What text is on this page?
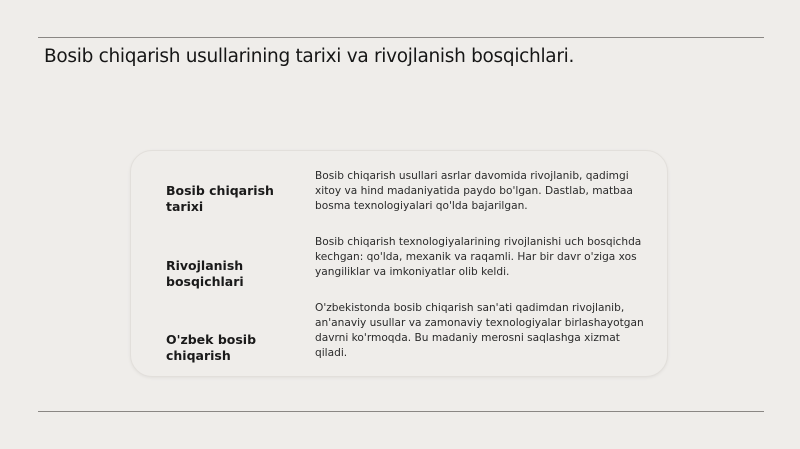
Bosib chiqarish usullarining tarixi va rivojlanish bosqichlari.

Bosib chiqarish tarixi

Bosib chiqarish usullari asrlar davomida rivojlanib, qadimgi xitoy va hind madaniyatida paydo bo'lgan. Dastlab, matbaa bosma texnologiyalari qo'lda bajarilgan.

Rivojlanish bosqichlari

Bosib chiqarish texnologiyalarining rivojlanishi uch bosqichda kechgan: qo'lda, mexanik va raqamli. Har bir davr o'ziga xos yangiliklar va imkoniyatlar olib keldi.

O'zbek bosib chiqarish

O'zbekistonda bosib chiqarish san'ati qadimdan rivojlanib, an'anaviy usullar va zamonaviy texnologiyalar birlashayotgan davrni ko'rmoqda. Bu madaniy merosni saqlashga xizmat qiladi.
